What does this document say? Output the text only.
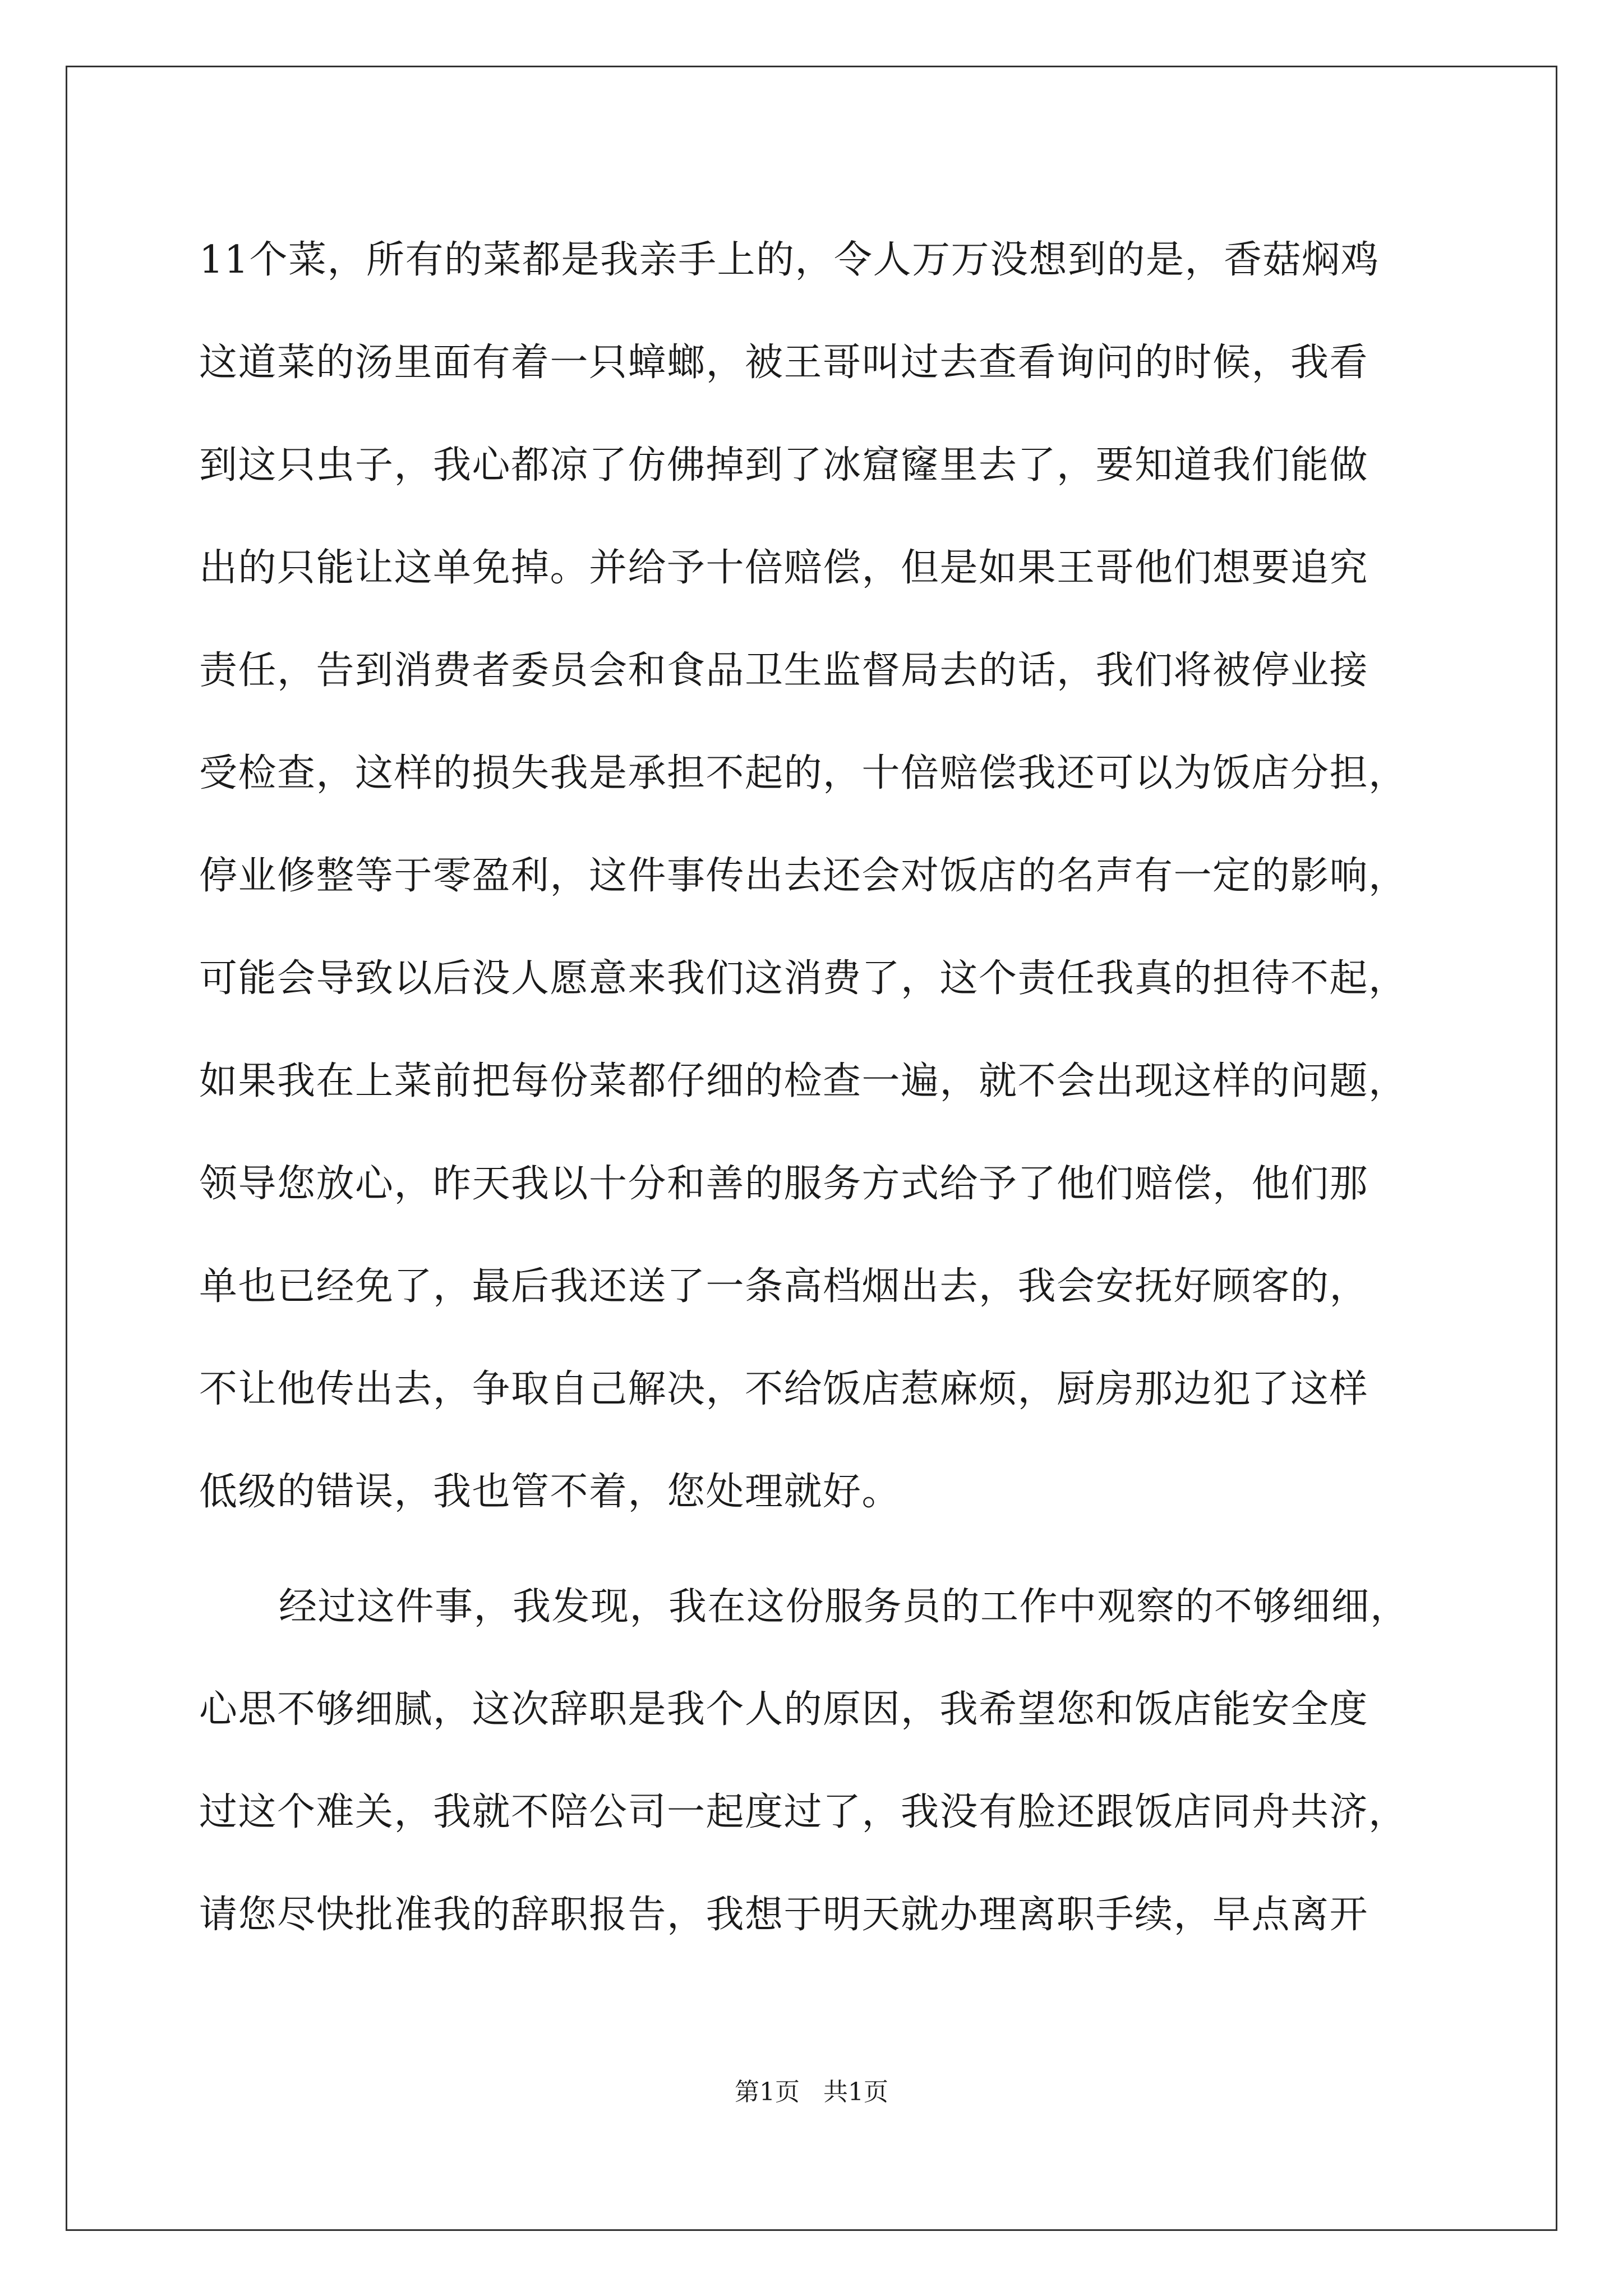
11个菜，所有的菜都是我亲手上的，令人万万没想到的是，香菇焖鸡
这道菜的汤里面有着一只蟑螂，被王哥叫过去查看询问的时候，我看
到这只虫子，我心都凉了仿佛掉到了冰窟窿里去了，要知道我们能做
出的只能让这单免掉。并给予十倍赔偿，但是如果王哥他们想要追究
责任，告到消费者委员会和食品卫生监督局去的话，我们将被停业接
受检查，这样的损失我是承担不起的，十倍赔偿我还可以为饭店分担，
停业修整等于零盈利，这件事传出去还会对饭店的名声有一定的影响，
可能会导致以后没人愿意来我们这消费了，这个责任我真的担待不起，
如果我在上菜前把每份菜都仔细的检查一遍，就不会出现这样的问题，
领导您放心，昨天我以十分和善的服务方式给予了他们赔偿，他们那
单也已经免了，最后我还送了一条高档烟出去，我会安抚好顾客的，
不让他传出去，争取自己解决，不给饭店惹麻烦，厨房那边犯了这样
低级的错误，我也管不着，您处理就好。
经过这件事，我发现，我在这份服务员的工作中观察的不够细细，
心思不够细腻，这次辞职是我个人的原因，我希望您和饭店能安全度
过这个难关，我就不陪公司一起度过了，我没有脸还跟饭店同舟共济，
请您尽快批准我的辞职报告，我想于明天就办理离职手续，早点离开
第1页 共1页
